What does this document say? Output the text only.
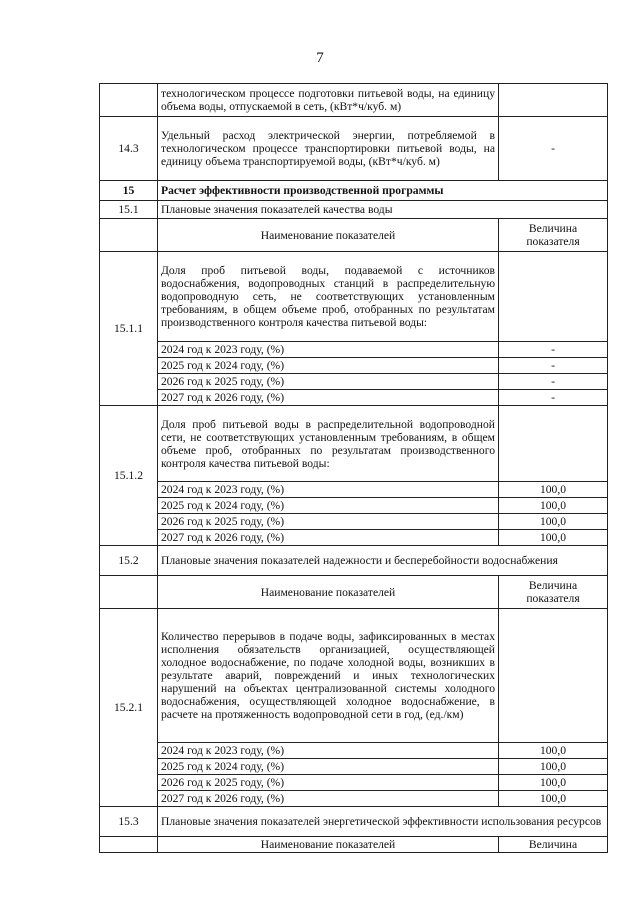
7
	технологическом процессе подготовки питьевой воды, на единицу объема воды, отпускаемой в сеть, (кВт*ч/куб. м)	
14.3	Удельный расход электрической энергии, потребляемой в технологическом процессе транспортировки питьевой воды, на единицу объема транспортируемой воды, (кВт*ч/куб. м)	-
15	Расчет эффективности производственной программы	
15.1	Плановые значения показателей качества воды	
	Наименование показателей	Величина показателя
15.1.1	Доля проб питьевой воды, подаваемой с источников водоснабжения, водопроводных станций в распределительную водопроводную сеть, не соответствующих установленным требованиям, в общем объеме проб, отобранных по результатам производственного контроля качества питьевой воды:	
	2024 год к 2023 году, (%)	-
	2025 год к 2024 году, (%)	-
	2026 год к 2025 году, (%)	-
	2027 год к 2026 году, (%)	-
15.1.2	Доля проб питьевой воды в распределительной водопроводной сети, не соответствующих установленным требованиям, в общем объеме проб, отобранных по результатам производственного контроля качества питьевой воды:	
	2024 год к 2023 году, (%)	100,0
	2025 год к 2024 году, (%)	100,0
	2026 год к 2025 году, (%)	100,0
	2027 год к 2026 году, (%)	100,0
15.2	Плановые значения показателей надежности и бесперебойности водоснабжения	
	Наименование показателей	Величина показателя
15.2.1	Количество перерывов в подаче воды, зафиксированных в местах исполнения обязательств организацией, осуществляющей холодное водоснабжение, по подаче холодной воды, возникших в результате аварий, повреждений и иных технологических нарушений на объектах централизованной системы холодного водоснабжения, осуществляющей холодное водоснабжение, в расчете на протяженность водопроводной сети в год, (ед./км)	
	2024 год к 2023 году, (%)	100,0
	2025 год к 2024 году, (%)	100,0
	2026 год к 2025 году, (%)	100,0
	2027 год к 2026 году, (%)	100,0
15.3	Плановые значения показателей энергетической эффективности использования ресурсов	
	Наименование показателей	Величина
